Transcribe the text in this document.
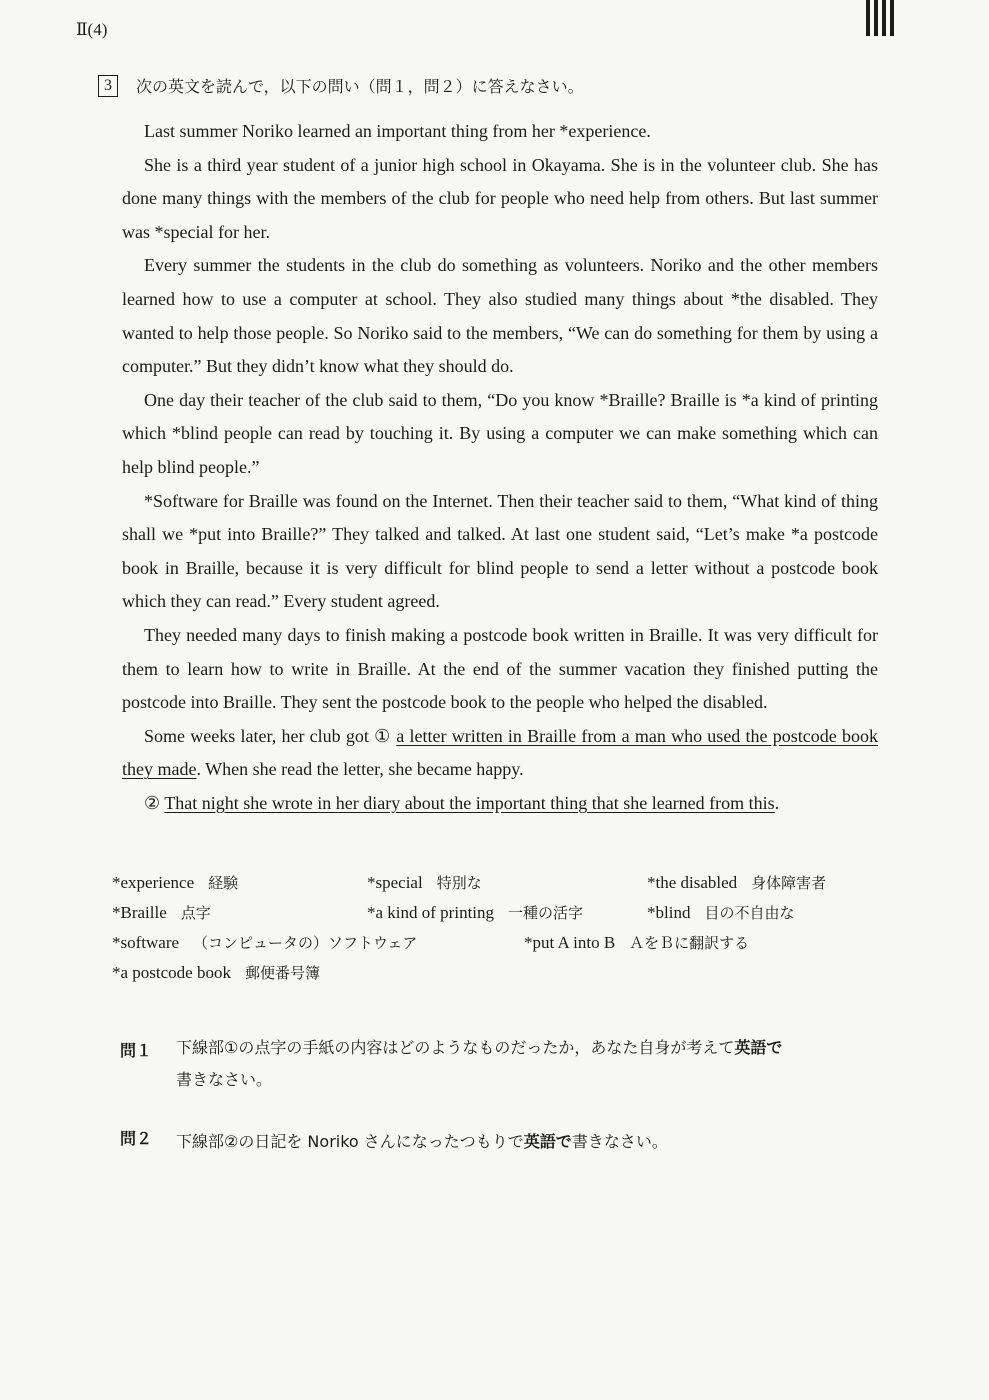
Ⅱ(4)
3	次の英文を読んで，以下の問い（問１，問２）に答えなさい。

Last summer Noriko learned an important thing from her *experience.

She is a third year student of a junior high school in Okayama. She is in the volunteer club. She has done many things with the members of the club for people who need help from others. But last summer was *special for her.

Every summer the students in the club do something as volunteers. Noriko and the other members learned how to use a computer at school. They also studied many things about *the disabled. They wanted to help those people. So Noriko said to the members, “We can do something for them by using a computer.” But they didn’t know what they should do.

One day their teacher of the club said to them, “Do you know *Braille? Braille is *a kind of printing which *blind people can read by touching it. By using a computer we can make something which can help blind people.”

*Software for Braille was found on the Internet. Then their teacher said to them, “What kind of thing shall we *put into Braille?” They talked and talked. At last one student said, “Let’s make *a postcode book in Braille, because it is very difficult for blind people to send a letter without a postcode book which they can read.” Every student agreed.

They needed many days to finish making a postcode book written in Braille. It was very difficult for them to learn how to write in Braille. At the end of the summer vacation they finished putting the postcode into Braille. They sent the postcode book to the people who helped the disabled.

Some weeks later, her club got ① a letter written in Braille from a man who used the postcode book they made. When she read the letter, she became happy.

② That night she wrote in her diary about the important thing that she learned from this.

*experience 経験	*special 特別な	*the disabled 身体障害者
*Braille 点字	*a kind of printing 一種の活字	*blind 目の不自由な
*software （コンピュータの）ソフトウェア	*put A into B ＡをＢに翻訳する
*a postcode book 郵便番号簿
問１	下線部①の点字の手紙の内容はどのようなものだったか，あなた自身が考えて英語で
書きなさい。
問２	下線部②の日記を Noriko さんになったつもりで英語で書きなさい。
